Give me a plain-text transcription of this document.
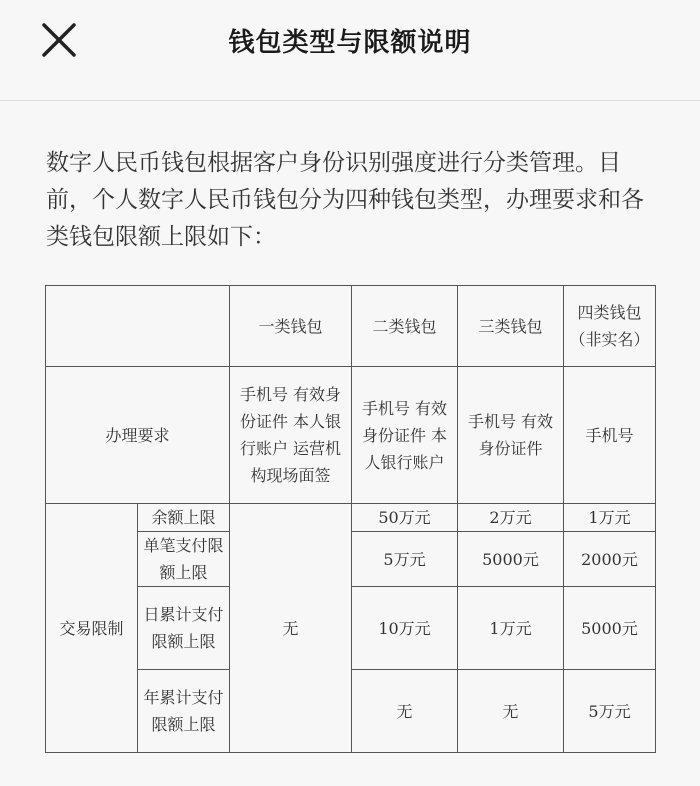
钱包类型与限额说明
数字人民币钱包根据客户身份识别强度进行分类管理。目前，个人数字人民币钱包分为四种钱包类型，办理要求和各类钱包限额上限如下：
		一类钱包	二类钱包	三类钱包	四类钱包（非实名）
办理要求		手机号 有效身份证件 本人银行账户 运营机构现场面签	手机号 有效身份证件 本人银行账户	手机号 有效身份证件	手机号
交易限制	余额上限	无	50万元	2万元	1万元
	单笔支付限额上限		5万元	5000元	2000元
	日累计支付限额上限		10万元	1万元	5000元
	年累计支付限额上限		无	无	5万元
